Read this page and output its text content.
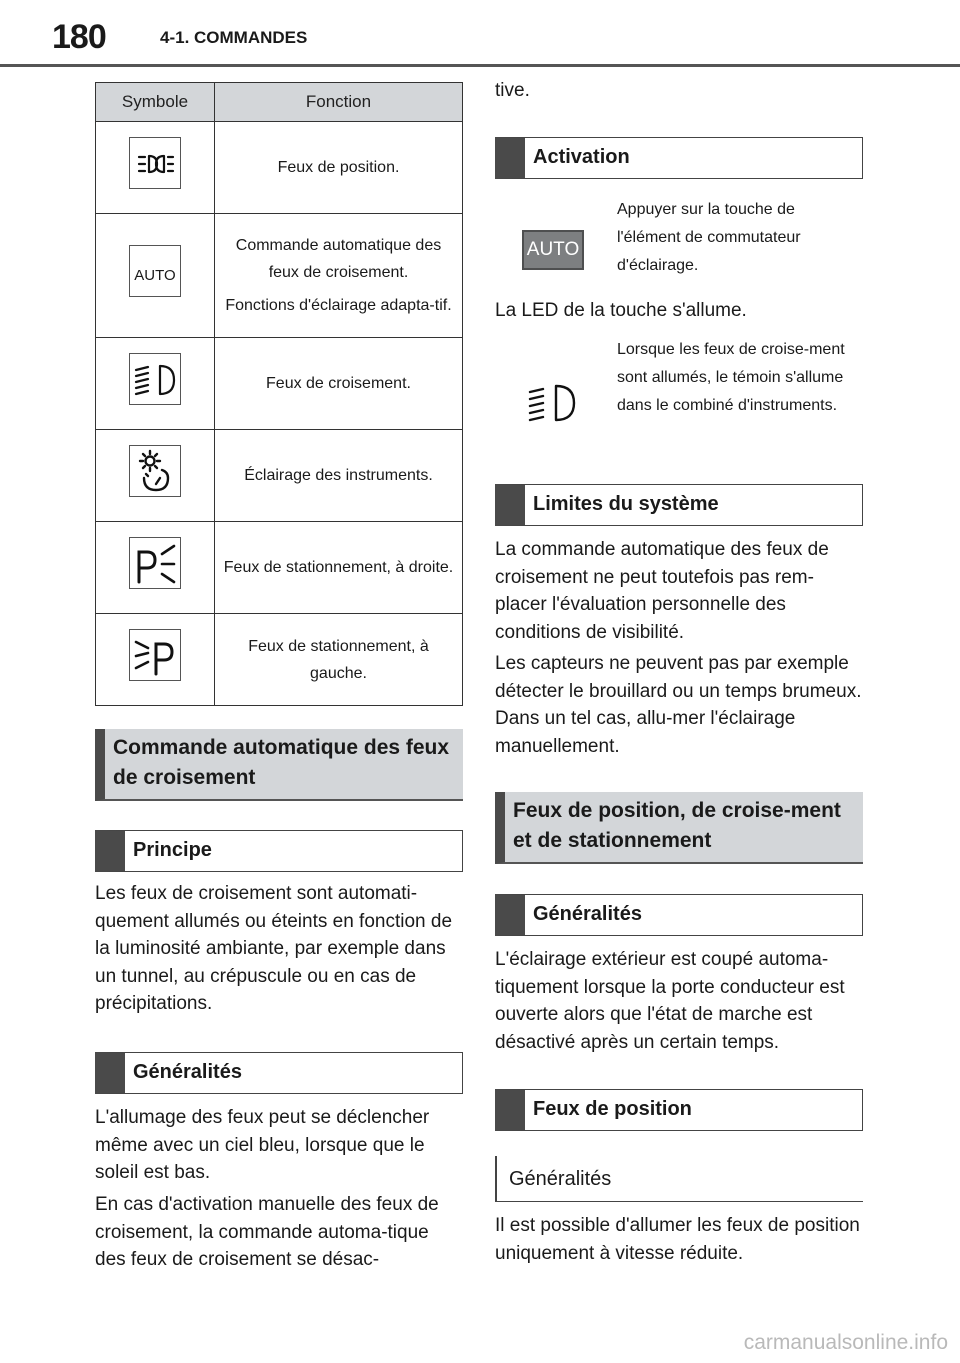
180	4-1. COMMANDES
Symbole	Fonction

Feux de position.

AUTO	Commande automatique des feux de croisement.

Fonctions d'éclairage adapta-tif.

Feux de croisement.

Éclairage des instruments.

Feux de stationnement, à droite.

Feux de stationnement, à gauche.

Commande automatique des feux de croisement
Principe

Les feux de croisement sont automati-quement allumés ou éteints en fonction de la luminosité ambiante, par exemple dans un tunnel, au crépuscule ou en cas de précipitations.

Généralités

L'allumage des feux peut se déclencher même avec un ciel bleu, lorsque que le soleil est bas.

En cas d'activation manuelle des feux de croisement, la commande automa-tique des feux de croisement se désac-

tive.

Activation
AUTO

Appuyer sur la touche de l'élément de commutateur d'éclairage.

La LED de la touche s'allume.

Lorsque les feux de croise-ment sont allumés, le témoin s'allume dans le combiné d'instruments.

Limites du système

La commande automatique des feux de croisement ne peut toutefois pas rem-placer l'évaluation personnelle des conditions de visibilité.

Les capteurs ne peuvent pas par exemple détecter le brouillard ou un temps brumeux. Dans un tel cas, allu-mer l'éclairage manuellement.

Feux de position, de croise-ment et de stationnement
Généralités

L'éclairage extérieur est coupé automa-tiquement lorsque la porte conducteur est ouverte alors que l'état de marche est désactivé après un certain temps.

Feux de position
Généralités

Il est possible d'allumer les feux de position uniquement à vitesse réduite.

carmanualsonline.info
